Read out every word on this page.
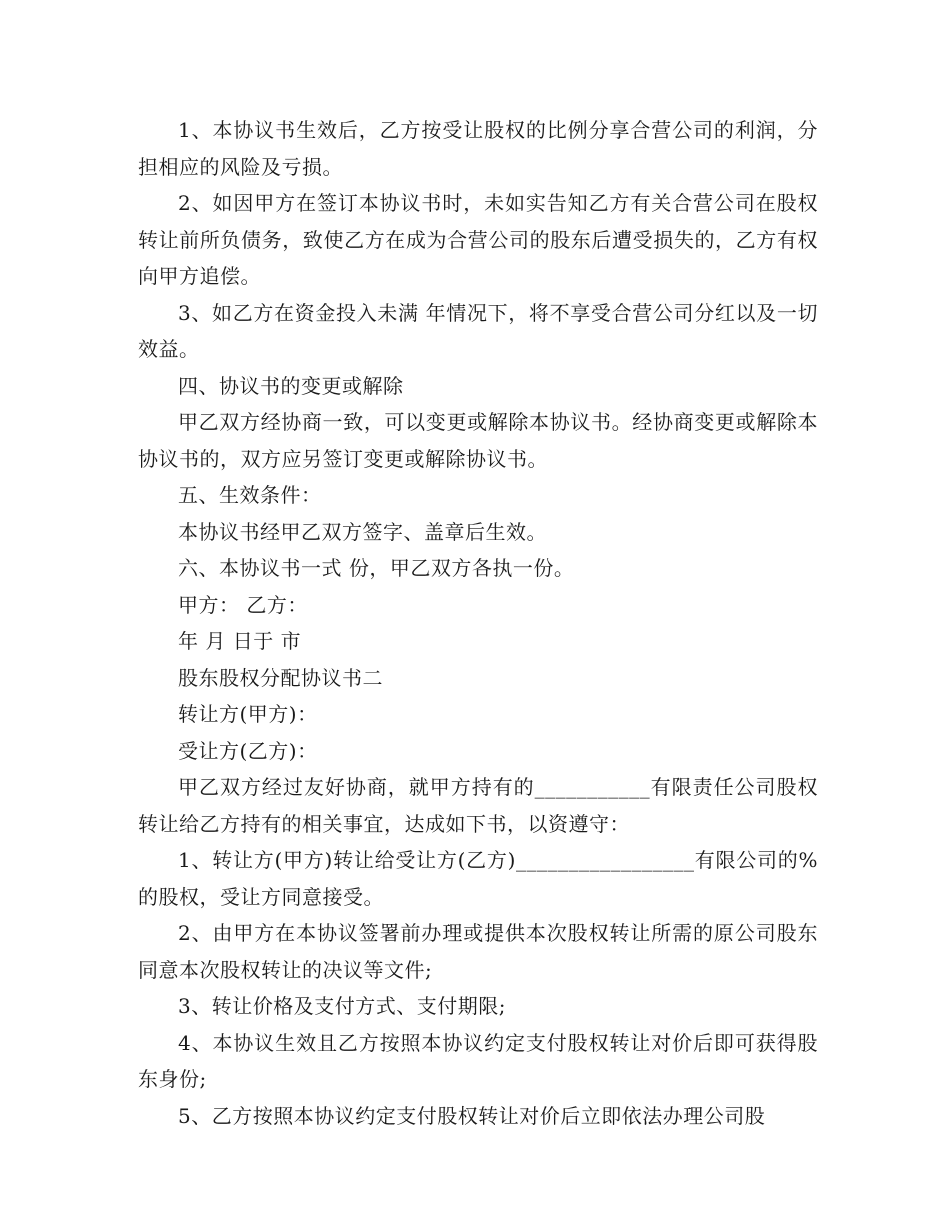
1、本协议书生效后，乙方按受让股权的比例分享合营公司的利润，分担相应的风险及亏损。

2、如因甲方在签订本协议书时，未如实告知乙方有关合营公司在股权转让前所负债务，致使乙方在成为合营公司的股东后遭受损失的，乙方有权向甲方追偿。

3、如乙方在资金投入未满 年情况下，将不享受合营公司分红以及一切效益。

四、协议书的变更或解除

甲乙双方经协商一致，可以变更或解除本协议书。经协商变更或解除本协议书的，双方应另签订变更或解除协议书。

五、生效条件：

本协议书经甲乙双方签字、盖章后生效。

六、本协议书一式 份，甲乙双方各执一份。

甲方： 乙方：

年 月 日于 市

股东股权分配协议书二

转让方(甲方)：

受让方(乙方)：

甲乙双方经过友好协商，就甲方持有的___________有限责任公司股权转让给乙方持有的相关事宜，达成如下书，以资遵守：

1、转让方(甲方)转让给受让方(乙方)_________________有限公司的%的股权，受让方同意接受。

2、由甲方在本协议签署前办理或提供本次股权转让所需的原公司股东同意本次股权转让的决议等文件;

3、转让价格及支付方式、支付期限;

4、本协议生效且乙方按照本协议约定支付股权转让对价后即可获得股东身份;

5、乙方按照本协议约定支付股权转让对价后立即依法办理公司股
